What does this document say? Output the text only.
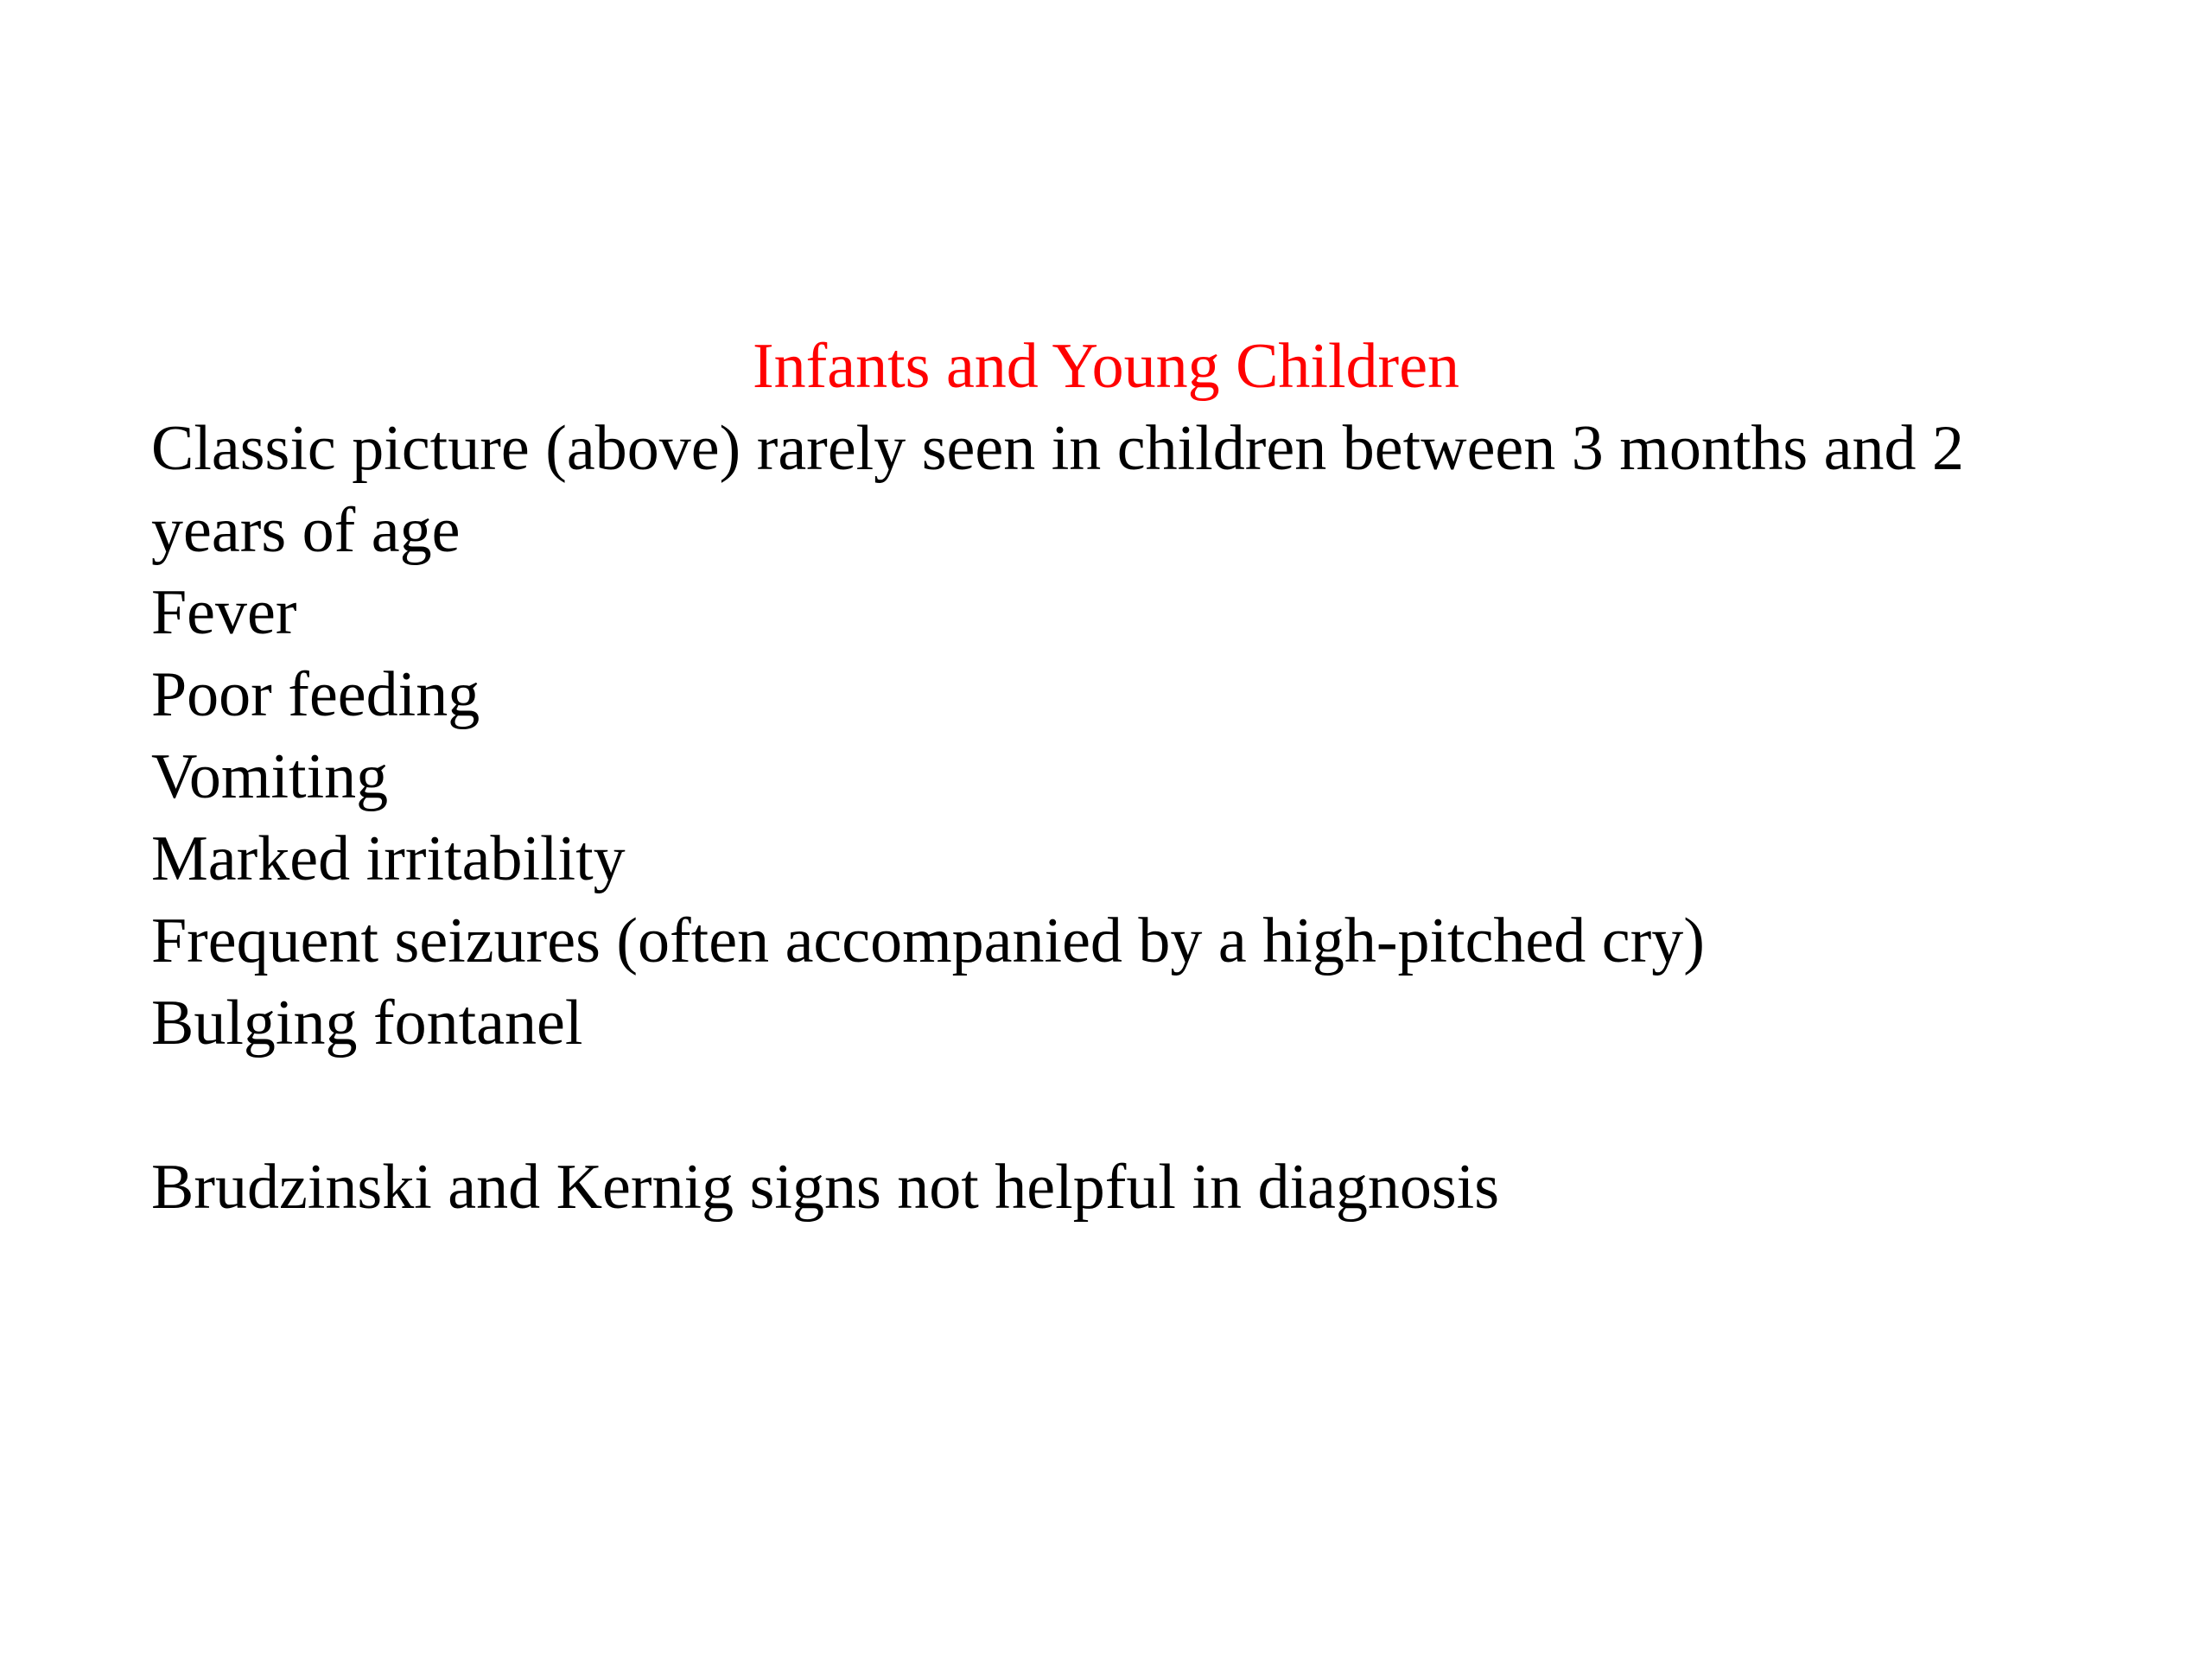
Infants and Young Children
Classic picture (above) rarely seen in children between 3 months and 2
years of age
Fever
Poor feeding
Vomiting
Marked irritability
Frequent seizures (often accompanied by a high-pitched cry)
Bulging fontanel
Brudzinski and Kernig signs not helpful in diagnosis
